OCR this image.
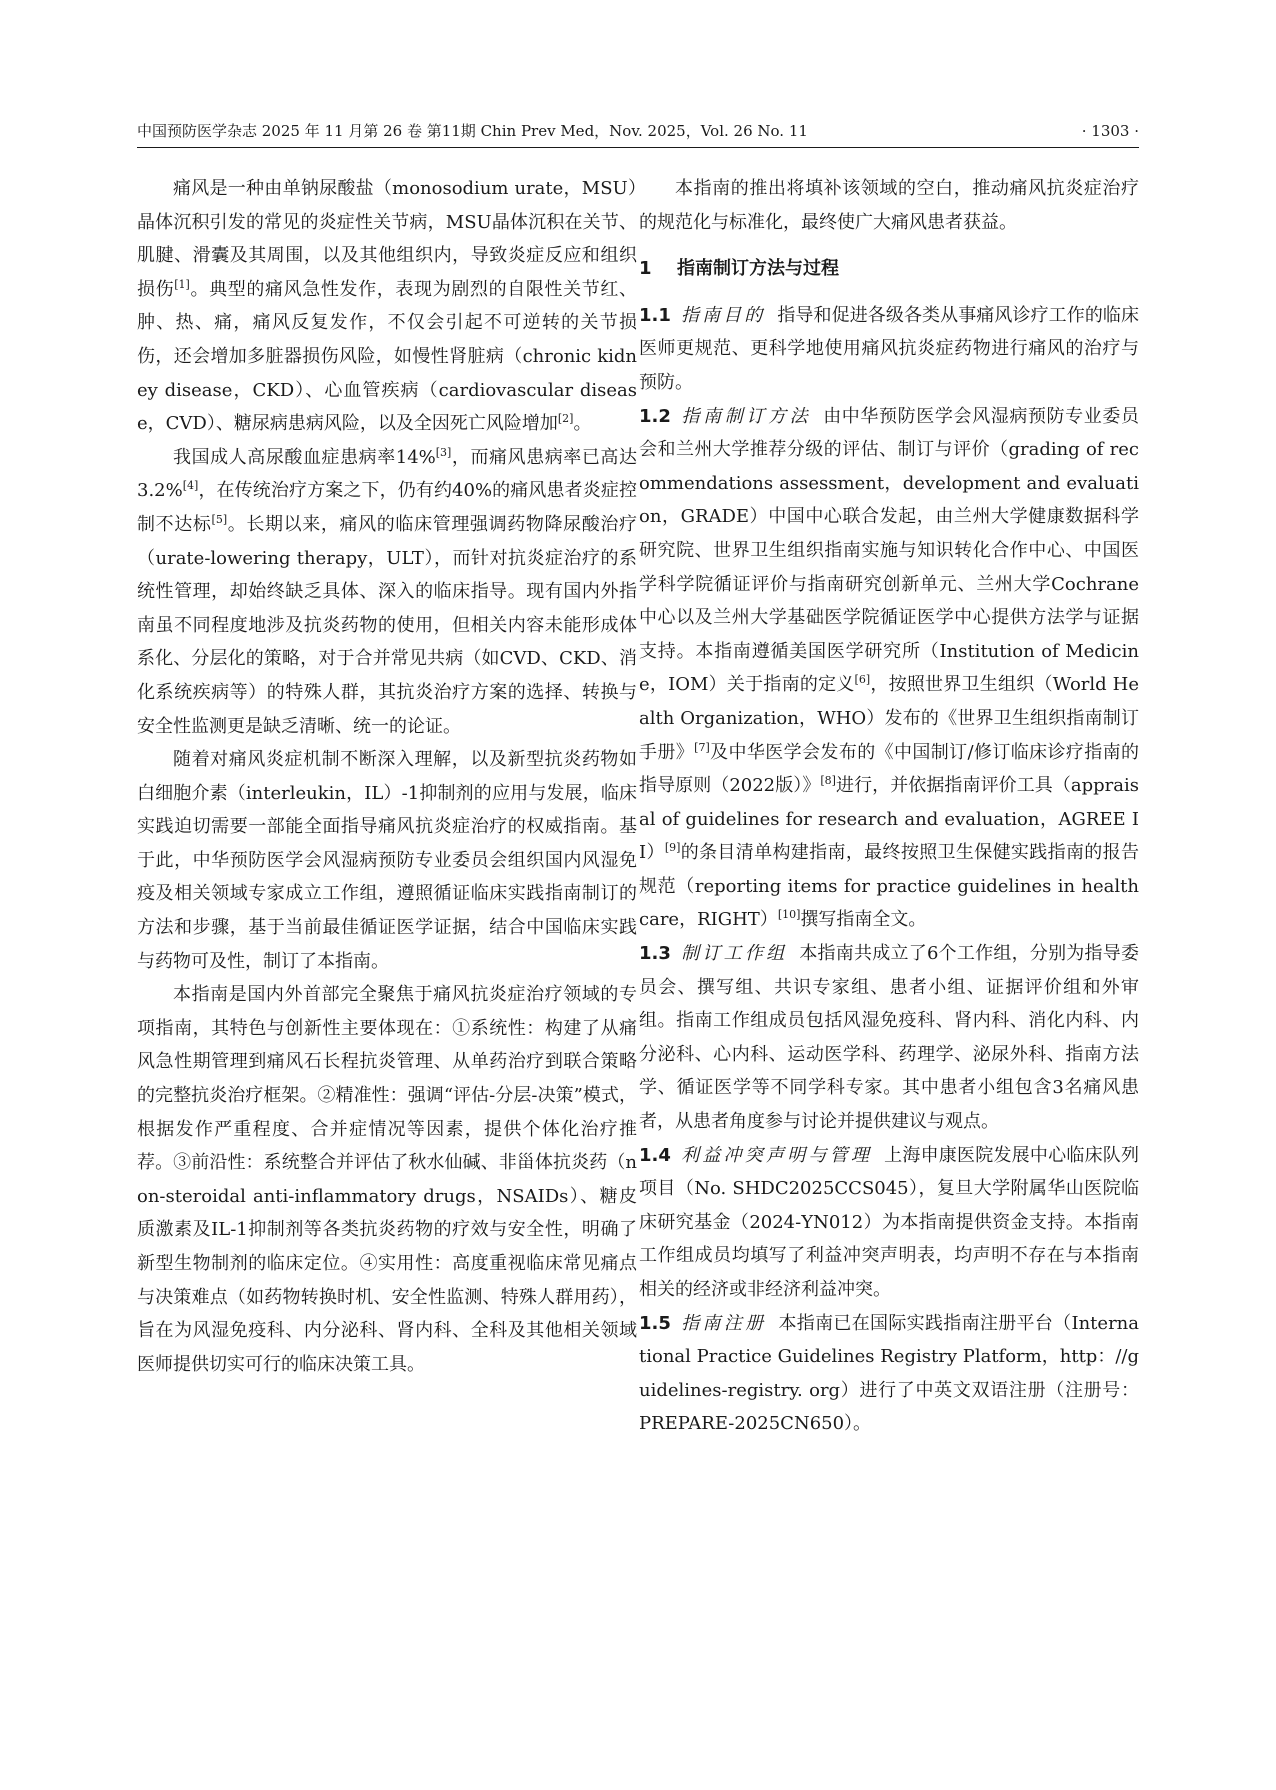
中国预防医学杂志 2025 年 11 月第 26 卷 第11期 Chin Prev Med，Nov. 2025，Vol. 26 No. 11	· 1303 ·

痛风是一种由单钠尿酸盐（monosodium urate，MSU）晶体沉积引发的常见的炎症性关节病，MSU晶体沉积在关节、肌腱、滑囊及其周围，以及其他组织内，导致炎症反应和组织损伤[1]。典型的痛风急性发作，表现为剧烈的自限性关节红、肿、热、痛，痛风反复发作，不仅会引起不可逆转的关节损伤，还会增加多脏器损伤风险，如慢性肾脏病（chronic kidney disease，CKD）、心血管疾病（cardiovascular disease，CVD）、糖尿病患病风险，以及全因死亡风险增加[2]。

我国成人高尿酸血症患病率14%[3]，而痛风患病率已高达3.2%[4]，在传统治疗方案之下，仍有约40%的痛风患者炎症控制不达标[5]。长期以来，痛风的临床管理强调药物降尿酸治疗（urate-lowering therapy，ULT），而针对抗炎症治疗的系统性管理，却始终缺乏具体、深入的临床指导。现有国内外指南虽不同程度地涉及抗炎药物的使用，但相关内容未能形成体系化、分层化的策略，对于合并常见共病（如CVD、CKD、消化系统疾病等）的特殊人群，其抗炎治疗方案的选择、转换与安全性监测更是缺乏清晰、统一的论证。

随着对痛风炎症机制不断深入理解，以及新型抗炎药物如白细胞介素（interleukin，IL）-1抑制剂的应用与发展，临床实践迫切需要一部能全面指导痛风抗炎症治疗的权威指南。基于此，中华预防医学会风湿病预防专业委员会组织国内风湿免疫及相关领域专家成立工作组，遵照循证临床实践指南制订的方法和步骤，基于当前最佳循证医学证据，结合中国临床实践与药物可及性，制订了本指南。

本指南是国内外首部完全聚焦于痛风抗炎症治疗领域的专项指南，其特色与创新性主要体现在：①系统性：构建了从痛风急性期管理到痛风石长程抗炎管理、从单药治疗到联合策略的完整抗炎治疗框架。②精准性：强调“评估-分层-决策”模式，根据发作严重程度、合并症情况等因素，提供个体化治疗推荐。③前沿性：系统整合并评估了秋水仙碱、非甾体抗炎药（non-steroidal anti-inflammatory drugs，NSAIDs）、糖皮质激素及IL-1抑制剂等各类抗炎药物的疗效与安全性，明确了新型生物制剂的临床定位。④实用性：高度重视临床常见痛点与决策难点（如药物转换时机、安全性监测、特殊人群用药），旨在为风湿免疫科、内分泌科、肾内科、全科及其他相关领域医师提供切实可行的临床决策工具。

本指南的推出将填补该领域的空白，推动痛风抗炎症治疗的规范化与标准化，最终使广大痛风患者获益。

1 指南制订方法与过程

1.1 指南目的 指导和促进各级各类从事痛风诊疗工作的临床医师更规范、更科学地使用痛风抗炎症药物进行痛风的治疗与预防。

1.2 指南制订方法 由中华预防医学会风湿病预防专业委员会和兰州大学推荐分级的评估、制订与评价（grading of recommendations assessment，development and evaluation，GRADE）中国中心联合发起，由兰州大学健康数据科学研究院、世界卫生组织指南实施与知识转化合作中心、中国医学科学院循证评价与指南研究创新单元、兰州大学Cochrane中心以及兰州大学基础医学院循证医学中心提供方法学与证据支持。本指南遵循美国医学研究所（Institution of Medicine，IOM）关于指南的定义[6]，按照世界卫生组织（World Health Organization，WHO）发布的《世界卫生组织指南制订手册》[7]及中华医学会发布的《中国制订/修订临床诊疗指南的指导原则（2022版）》[8]进行，并依据指南评价工具（appraisal of guidelines for research and evaluation，AGREE II）[9]的条目清单构建指南，最终按照卫生保健实践指南的报告规范（reporting items for practice guidelines in healthcare，RIGHT）[10]撰写指南全文。

1.3 制订工作组 本指南共成立了6个工作组，分别为指导委员会、撰写组、共识专家组、患者小组、证据评价组和外审组。指南工作组成员包括风湿免疫科、肾内科、消化内科、内分泌科、心内科、运动医学科、药理学、泌尿外科、指南方法学、循证医学等不同学科专家。其中患者小组包含3名痛风患者，从患者角度参与讨论并提供建议与观点。

1.4 利益冲突声明与管理 上海申康医院发展中心临床队列项目（No. SHDC2025CCS045），复旦大学附属华山医院临床研究基金（2024-YN012）为本指南提供资金支持。本指南工作组成员均填写了利益冲突声明表，均声明不存在与本指南相关的经济或非经济利益冲突。

1.5 指南注册 本指南已在国际实践指南注册平台（International Practice Guidelines Registry Platform，http：//guidelines-registry. org）进行了中英文双语注册（注册号：PREPARE-2025CN650）。
